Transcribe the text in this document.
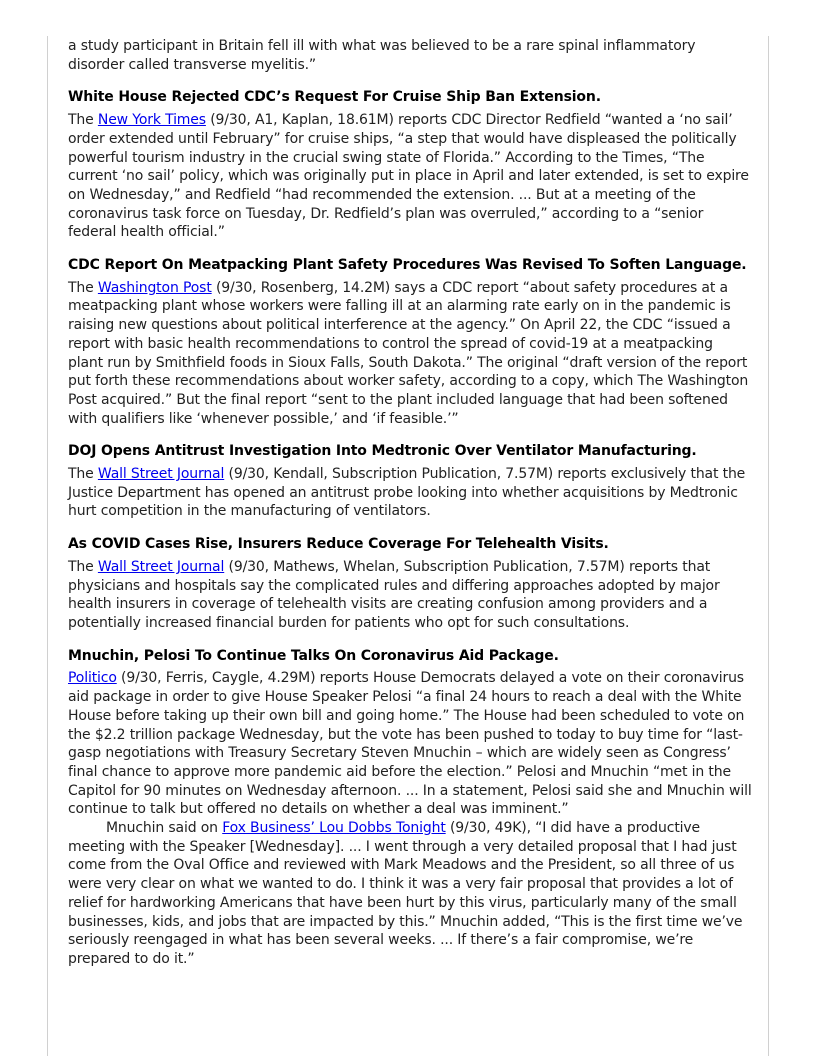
a study participant in Britain fell ill with what was believed to be a rare spinal inflammatory disorder called transverse myelitis.”

White House Rejected CDC’s Request For Cruise Ship Ban Extension.

The New York Times (9/30, A1, Kaplan, 18.61M) reports CDC Director Redfield “wanted a ‘no sail’ order extended until February” for cruise ships, “a step that would have displeased the politically powerful tourism industry in the crucial swing state of Florida.” According to the Times, “The current ‘no sail’ policy, which was originally put in place in April and later extended, is set to expire on Wednesday,” and Redfield “had recommended the extension. ... But at a meeting of the coronavirus task force on Tuesday, Dr. Redfield’s plan was overruled,” according to a “senior federal health official.”

CDC Report On Meatpacking Plant Safety Procedures Was Revised To Soften Language.

The Washington Post (9/30, Rosenberg, 14.2M) says a CDC report “about safety procedures at a meatpacking plant whose workers were falling ill at an alarming rate early on in the pandemic is raising new questions about political interference at the agency.” On April 22, the CDC “issued a report with basic health recommendations to control the spread of covid-19 at a meatpacking plant run by Smithfield foods in Sioux Falls, South Dakota.” The original “draft version of the report put forth these recommendations about worker safety, according to a copy, which The Washington Post acquired.” But the final report “sent to the plant included language that had been softened with qualifiers like ‘whenever possible,’ and ‘if feasible.’”

DOJ Opens Antitrust Investigation Into Medtronic Over Ventilator Manufacturing.

The Wall Street Journal (9/30, Kendall, Subscription Publication, 7.57M) reports exclusively that the Justice Department has opened an antitrust probe looking into whether acquisitions by Medtronic hurt competition in the manufacturing of ventilators.

As COVID Cases Rise, Insurers Reduce Coverage For Telehealth Visits.

The Wall Street Journal (9/30, Mathews, Whelan, Subscription Publication, 7.57M) reports that physicians and hospitals say the complicated rules and differing approaches adopted by major health insurers in coverage of telehealth visits are creating confusion among providers and a potentially increased financial burden for patients who opt for such consultations.

Mnuchin, Pelosi To Continue Talks On Coronavirus Aid Package.

Politico (9/30, Ferris, Caygle, 4.29M) reports House Democrats delayed a vote on their coronavirus aid package in order to give House Speaker Pelosi “a final 24 hours to reach a deal with the White House before taking up their own bill and going home.” The House had been scheduled to vote on the $2.2 trillion package Wednesday, but the vote has been pushed to today to buy time for “last-gasp negotiations with Treasury Secretary Steven Mnuchin – which are widely seen as Congress’ final chance to approve more pandemic aid before the election.” Pelosi and Mnuchin “met in the Capitol for 90 minutes on Wednesday afternoon. ... In a statement, Pelosi said she and Mnuchin will continue to talk but offered no details on whether a deal was imminent.”

Mnuchin said on Fox Business’ Lou Dobbs Tonight (9/30, 49K), “I did have a productive meeting with the Speaker [Wednesday]. ... I went through a very detailed proposal that I had just come from the Oval Office and reviewed with Mark Meadows and the President, so all three of us were very clear on what we wanted to do. I think it was a very fair proposal that provides a lot of relief for hardworking Americans that have been hurt by this virus, particularly many of the small businesses, kids, and jobs that are impacted by this.” Mnuchin added, “This is the first time we’ve seriously reengaged in what has been several weeks. ... If there’s a fair compromise, we’re prepared to do it.”
